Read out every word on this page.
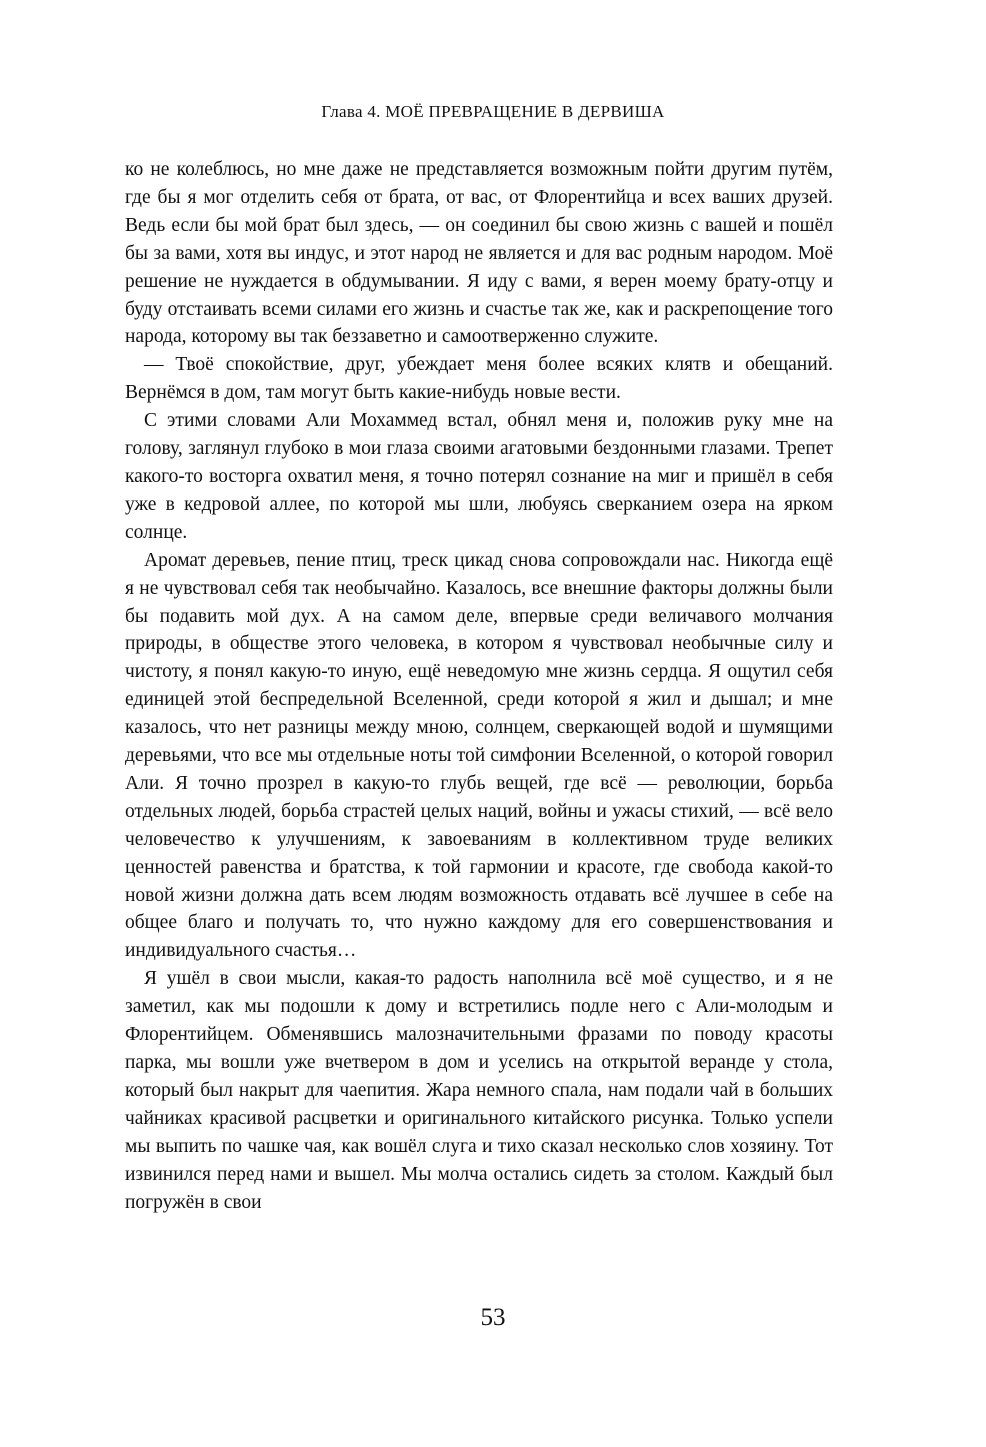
Глава 4. МОЁ ПРЕВРАЩЕНИЕ В ДЕРВИША

ко не колеблюсь, но мне даже не представляется возможным пойти другим путём, где бы я мог отделить себя от брата, от вас, от Флорентийца и всех ваших друзей. Ведь если бы мой брат был здесь, — он соединил бы свою жизнь с вашей и пошёл бы за вами, хотя вы индус, и этот народ не является и для вас родным народом. Моё решение не нуждается в обдумывании. Я иду с вами, я верен моему брату-отцу и буду отстаивать всеми силами его жизнь и счастье так же, как и раскрепощение того народа, которому вы так беззаветно и самоотверженно служите.

— Твоё спокойствие, друг, убеждает меня более всяких клятв и обещаний. Вернёмся в дом, там могут быть какие-нибудь новые вести.

С этими словами Али Мохаммед встал, обнял меня и, положив руку мне на голову, заглянул глубоко в мои глаза своими агатовыми бездонными глазами. Трепет какого-то восторга охватил меня, я точно потерял сознание на миг и пришёл в себя уже в кедровой аллее, по которой мы шли, любуясь сверканием озера на ярком солнце.

Аромат деревьев, пение птиц, треск цикад снова сопровождали нас. Никогда ещё я не чувствовал себя так необычайно. Казалось, все внешние факторы должны были бы подавить мой дух. А на самом деле, впервые среди величавого молчания природы, в обществе этого человека, в котором я чувствовал необычные силу и чистоту, я понял какую-то иную, ещё неведомую мне жизнь сердца. Я ощутил себя единицей этой беспредельной Вселенной, среди которой я жил и дышал; и мне казалось, что нет разницы между мною, солнцем, сверкающей водой и шумящими деревьями, что все мы отдельные ноты той симфонии Вселенной, о которой говорил Али. Я точно прозрел в какую-то глубь вещей, где всё — революции, борьба отдельных людей, борьба страстей целых наций, войны и ужасы стихий, — всё вело человечество к улучшениям, к завоеваниям в коллективном труде великих ценностей равенства и братства, к той гармонии и красоте, где свобода какой-то новой жизни должна дать всем людям возможность отдавать всё лучшее в себе на общее благо и получать то, что нужно каждому для его совершенствования и индивидуального счастья…

Я ушёл в свои мысли, какая-то радость наполнила всё моё существо, и я не заметил, как мы подошли к дому и встретились подле него с Али-молодым и Флорентийцем. Обменявшись малозначительными фразами по поводу красоты парка, мы вошли уже вчетвером в дом и уселись на открытой веранде у стола, который был накрыт для чаепития. Жара немного спала, нам подали чай в больших чайниках красивой расцветки и оригинального китайского рисунка. Только успели мы выпить по чашке чая, как вошёл слуга и тихо сказал несколько слов хозяину. Тот извинился перед нами и вышел. Мы молча остались сидеть за столом. Каждый был погружён в свои

53
